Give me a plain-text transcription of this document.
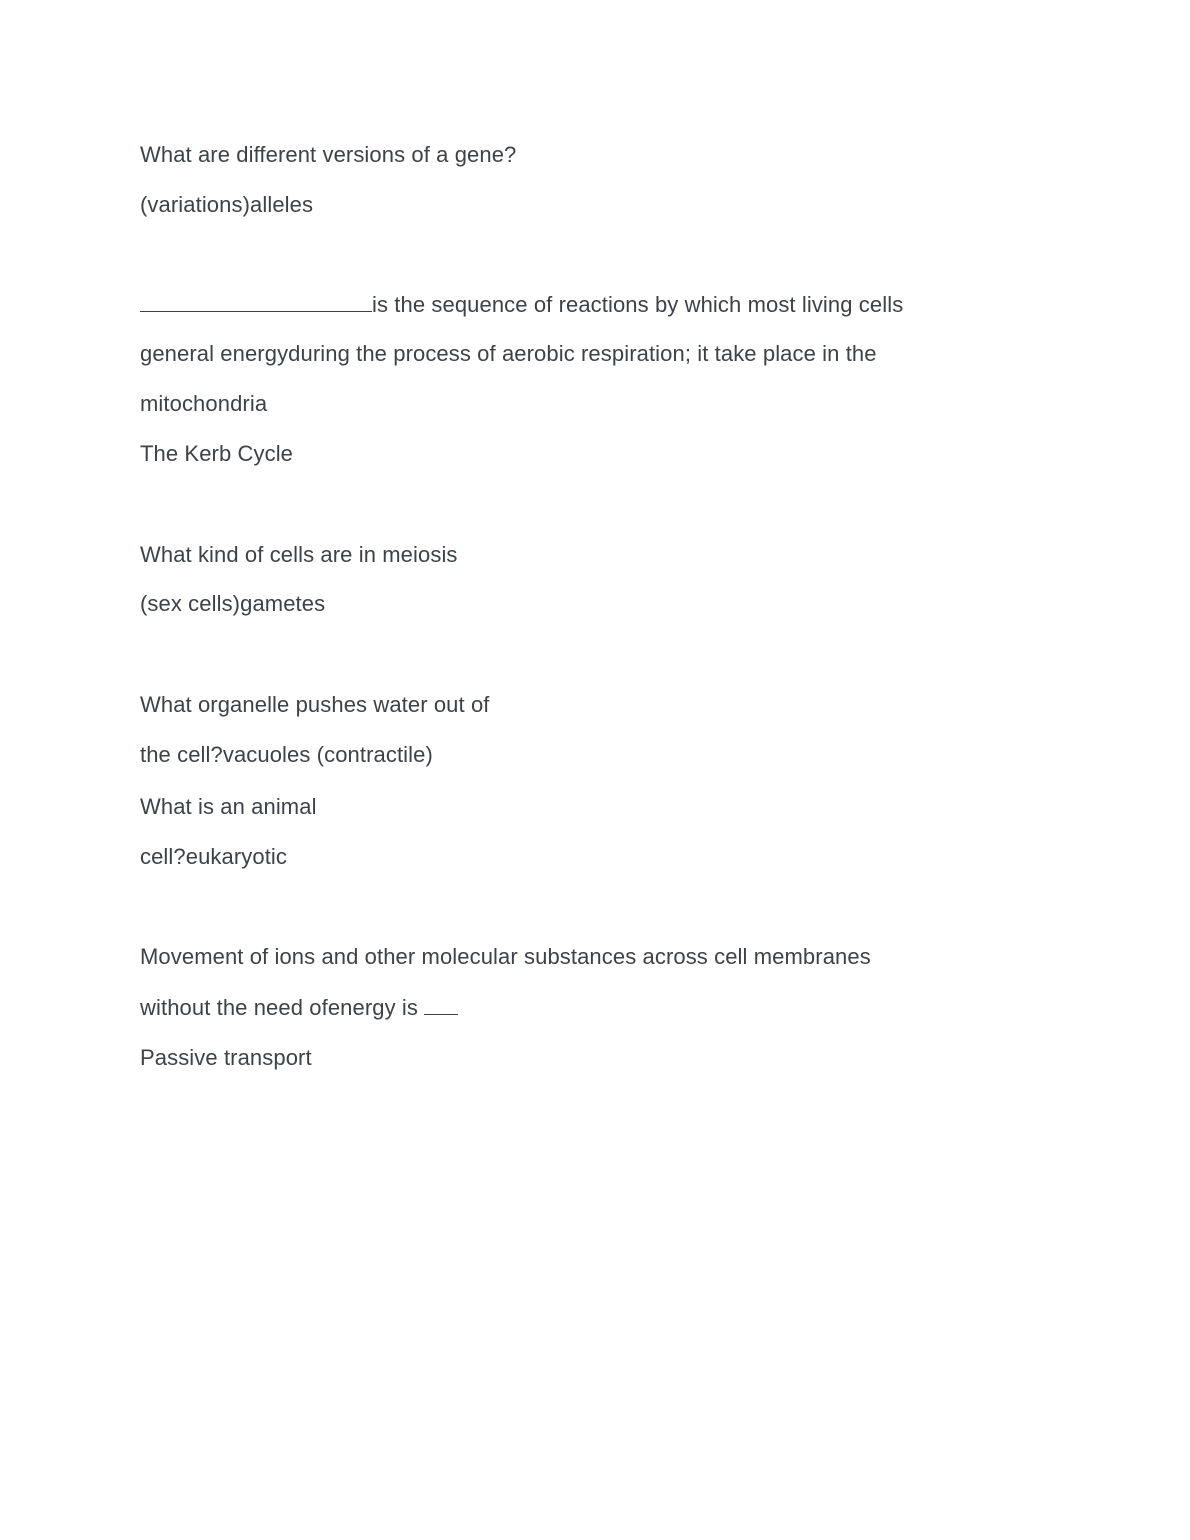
What are different versions of a gene?
(variations)alleles
is the sequence of reactions by which most living cells
general energyduring the process of aerobic respiration; it take place in the
mitochondria
The Kerb Cycle
What kind of cells are in meiosis
(sex cells)gametes
What organelle pushes water out of
the cell?vacuoles (contractile)
What is an animal
cell?eukaryotic
Movement of ions and other molecular substances across cell membranes
without the need ofenergy is
Passive transport
